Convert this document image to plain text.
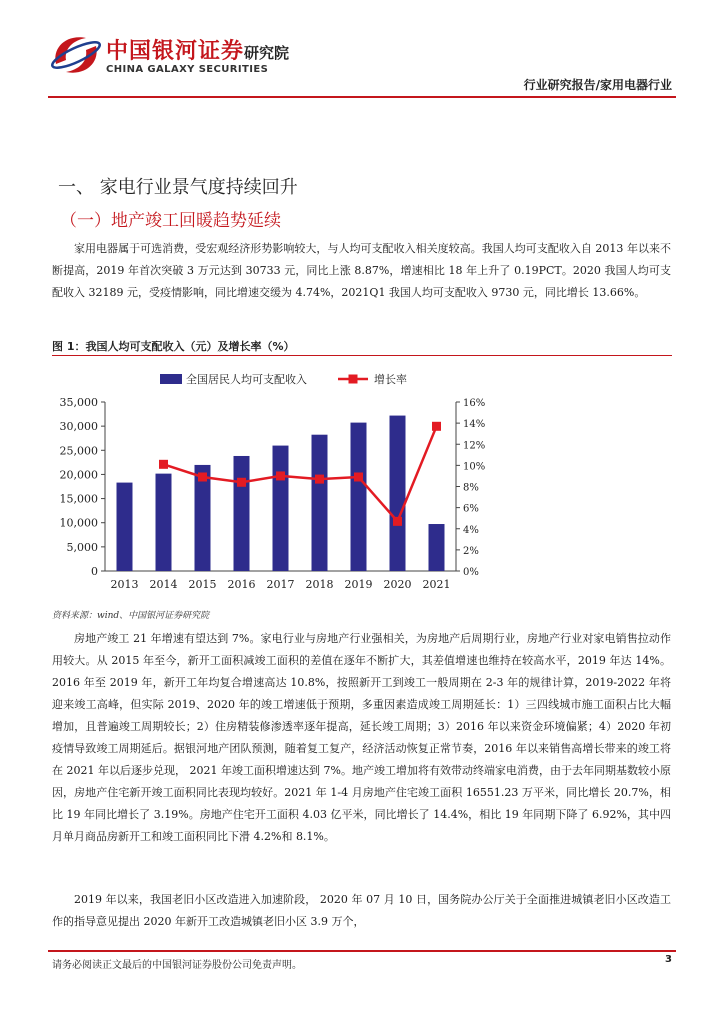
中国银河证券 研究院
CHINA GALAXY SECURITIES
行业研究报告/家用电器行业
一、 家电行业景气度持续回升
（一）地产竣工回暖趋势延续

家用电器属于可选消费，受宏观经济形势影响较大，与人均可支配收入相关度较高。我国人均可支配收入自 2013 年以来不断提高，2019 年首次突破 3 万元达到 30733 元，同比上涨 8.87%，增速相比 18 年上升了 0.19PCT。2020 我国人均可支配收入 32189 元，受疫情影响，同比增速交缓为 4.74%，2021Q1 我国人均可支配收入 9730 元，同比增长 13.66%。

图 1：我国人均可支配收入（元）及增长率（%）
0
5,000
10,000
15,000
20,000
25,000
30,000
35,000
0%
2%
4%
6%
8%
10%
12%
14%
16%
2013 2014 2015 2016 2017 2018 2019 2020 2021
全国居民人均可支配收入	增长率
资料来源：wind、中国银河证券研究院

房地产竣工 21 年增速有望达到 7%。家电行业与房地产行业强相关，为房地产后周期行业，房地产行业对家电销售拉动作用较大。从 2015 年至今，新开工面积减竣工面积的差值在逐年不断扩大，其差值增速也维持在较高水平，2019 年达 14%。2016 年至 2019 年，新开工年均复合增速高达 10.8%，按照新开工到竣工一般周期在 2-3 年的规律计算，2019-2022 年将迎来竣工高峰，但实际 2019、2020 年的竣工增速低于预期，多重因素造成竣工周期延长：1）三四线城市施工面积占比大幅增加，且普遍竣工周期较长；2）住房精装修渗透率逐年提高，延长竣工周期；3）2016 年以来资金环境偏紧；4）2020 年初疫情导致竣工周期延后。据银河地产团队预测，随着复工复产，经济活动恢复正常节奏，2016 年以来销售高增长带来的竣工将在 2021 年以后逐步兑现， 2021 年竣工面积增速达到 7%。地产竣工增加将有效带动终端家电消费，由于去年同期基数较小原因，房地产住宅新开竣工面积同比表现均较好。2021 年 1-4 月房地产住宅竣工面积 16551.23 万平米，同比增长 20.7%，相比 19 年同比增长了 3.19%。房地产住宅开工面积 4.03 亿平米，同比增长了 14.4%，相比 19 年同期下降了 6.92%，其中四月单月商品房新开工和竣工面积同比下滑 4.2%和 8.1%。

2019 年以来，我国老旧小区改造进入加速阶段， 2020 年 07 月 10 日，国务院办公厅关于全面推进城镇老旧小区改造工作的指导意见提出 2020 年新开工改造城镇老旧小区 3.9 万个，

请务必阅读正文最后的中国银河证券股份公司免责声明。
3
